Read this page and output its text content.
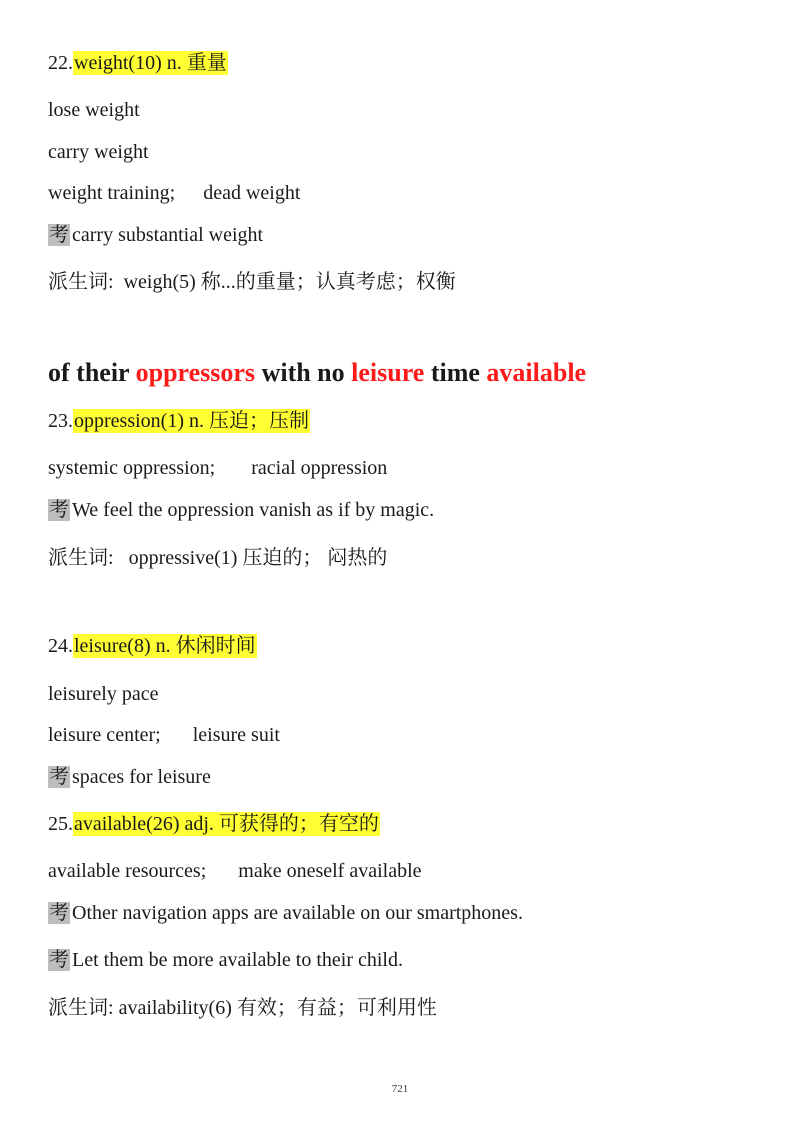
22.weight(10) n. 重量
lose weight
carry weight
weight training; dead weight
考 carry substantial weight
派生词: weigh(5) 称...的重量；认真考虑；权衡
of their oppressors with no leisure time available
23.oppression(1) n. 压迫；压制
systemic oppression; racial oppression
考 We feel the oppression vanish as if by magic.
派生词: oppressive(1) 压迫的； 闷热的
24.leisure(8) n. 休闲时间
leisurely pace
leisure center; leisure suit
考 spaces for leisure
25.available(26) adj. 可获得的；有空的
available resources; make oneself available
考 Other navigation apps are available on our smartphones.
考 Let them be more available to their child.
派生词: availability(6) 有效；有益；可利用性
721
